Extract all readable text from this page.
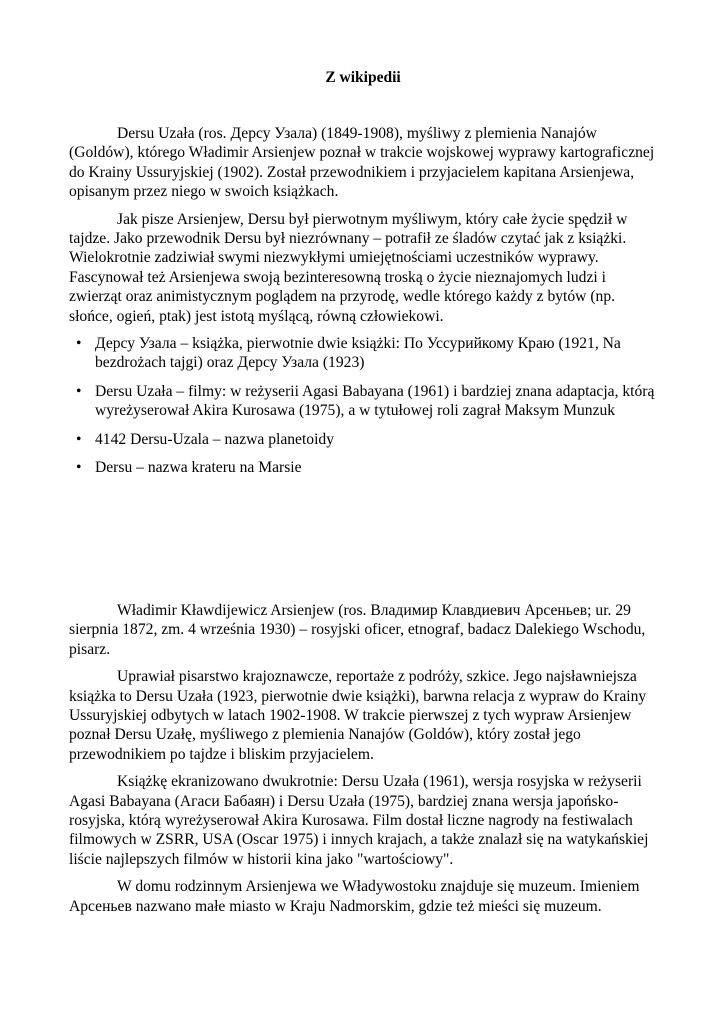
Z wikipedii

Dersu Uzała (ros. Дерсу Узала) (1849-1908), myśliwy z plemienia Nanajów (Goldów), którego Władimir Arsienjew poznał w trakcie wojskowej wyprawy kartograficznej do Krainy Ussuryjskiej (1902). Został przewodnikiem i przyjacielem kapitana Arsienjewa, opisanym przez niego w swoich książkach.

Jak pisze Arsienjew, Dersu był pierwotnym myśliwym, który całe życie spędził w tajdze. Jako przewodnik Dersu był niezrównany – potrafił ze śladów czytać jak z książki. Wielokrotnie zadziwiał swymi niezwykłymi umiejętnościami uczestników wyprawy. Fascynował też Arsienjewa swoją bezinteresowną troską o życie nieznajomych ludzi i zwierząt oraz animistycznym poglądem na przyrodę, wedle którego każdy z bytów (np. słońce, ogień, ptak) jest istotą myślącą, równą człowiekowi.

• Дерсу Узала – książka, pierwotnie dwie książki: По Уссурийкому Краю (1921, Na bezdrożach tajgi) oraz Дерсу Узала (1923)
• Dersu Uzała – filmy: w reżyserii Agasi Babayana (1961) i bardziej znana adaptacja, którą wyreżyserował Akira Kurosawa (1975), a w tytułowej roli zagrał Maksym Munzuk
• 4142 Dersu-Uzala – nazwa planetoidy
• Dersu – nazwa krateru na Marsie

Władimir Kławdijewicz Arsienjew (ros. Владимир Клавдиевич Арсеньев; ur. 29 sierpnia 1872, zm. 4 września 1930) – rosyjski oficer, etnograf, badacz Dalekiego Wschodu, pisarz.

Uprawiał pisarstwo krajoznawcze, reportaże z podróży, szkice. Jego najsławniejsza książka to Dersu Uzała (1923, pierwotnie dwie książki), barwna relacja z wypraw do Krainy Ussuryjskiej odbytych w latach 1902-1908. W trakcie pierwszej z tych wypraw Arsienjew poznał Dersu Uzałę, myśliwego z plemienia Nanajów (Goldów), który został jego przewodnikiem po tajdze i bliskim przyjacielem.

Książkę ekranizowano dwukrotnie: Dersu Uzała (1961), wersja rosyjska w reżyserii Agasi Babayana (Агаси Бабаян) i Dersu Uzała (1975), bardziej znana wersja japońsko-rosyjska, którą wyreżyserował Akira Kurosawa. Film dostał liczne nagrody na festiwalach filmowych w ZSRR, USA (Oscar 1975) i innych krajach, a także znalazł się na watykańskiej liście najlepszych filmów w historii kina jako "wartościowy".

W domu rodzinnym Arsienjewa we Władywostoku znajduje się muzeum. Imieniem Арсеньев nazwano małe miasto w Kraju Nadmorskim, gdzie też mieści się muzeum.
